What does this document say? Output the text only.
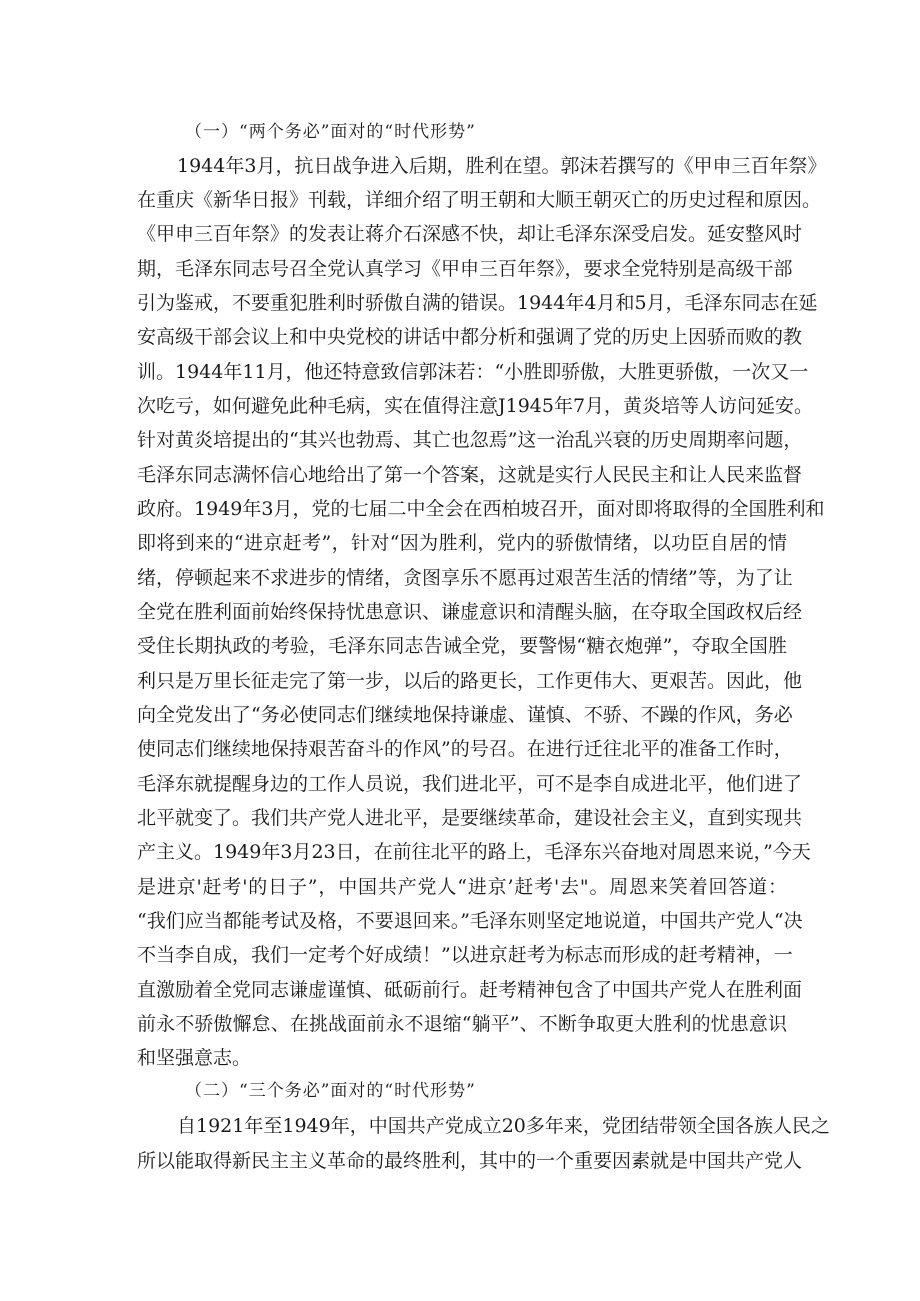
（一）“两个务必”面对的“时代形势”
1944年3月，抗日战争进入后期，胜利在望。郭沫若撰写的《甲申三百年祭》
在重庆《新华日报》刊载，详细介绍了明王朝和大顺王朝灭亡的历史过程和原因。
《甲申三百年祭》的发表让蒋介石深感不快，却让毛泽东深受启发。延安整风时
期，毛泽东同志号召全党认真学习《甲申三百年祭》，要求全党特别是高级干部
引为鉴戒，不要重犯胜利时骄傲自满的错误。1944年4月和5月，毛泽东同志在延
安高级干部会议上和中央党校的讲话中都分析和强调了党的历史上因骄而败的教
训。1944年11月，他还特意致信郭沫若：“小胜即骄傲，大胜更骄傲，一次又一
次吃亏，如何避免此种毛病，实在值得注意J1945年7月，黄炎培等人访问延安。
针对黄炎培提出的“其兴也勃焉、其亡也忽焉”这一治乱兴衰的历史周期率问题，
毛泽东同志满怀信心地给出了第一个答案，这就是实行人民民主和让人民来监督
政府。1949年3月，党的七届二中全会在西柏坡召开，面对即将取得的全国胜利和
即将到来的“进京赶考”，针对“因为胜利，党内的骄傲情绪，以功臣自居的情
绪，停顿起来不求进步的情绪，贪图享乐不愿再过艰苦生活的情绪”等，为了让
全党在胜利面前始终保持忧患意识、谦虚意识和清醒头脑，在夺取全国政权后经
受住长期执政的考验，毛泽东同志告诫全党，要警惕“糖衣炮弹”，夺取全国胜
利只是万里长征走完了第一步，以后的路更长，工作更伟大、更艰苦。因此，他
向全党发出了“务必使同志们继续地保持谦虚、谨慎、不骄、不躁的作风，务必
使同志们继续地保持艰苦奋斗的作风”的号召。在进行迁往北平的准备工作时，
毛泽东就提醒身边的工作人员说，我们进北平，可不是李自成进北平，他们进了
北平就变了。我们共产党人进北平，是要继续革命，建设社会主义，直到实现共
产主义。1949年3月23日，在前往北平的路上，毛泽东兴奋地对周恩来说，”今天
是进京'赶考'的日子”，中国共产党人“进京’赶考'去"。周恩来笑着回答道：
“我们应当都能考试及格，不要退回来。”毛泽东则坚定地说道，中国共产党人“决
不当李自成，我们一定考个好成绩！”以进京赶考为标志而形成的赶考精神，一
直激励着全党同志谦虚谨慎、砥砺前行。赶考精神包含了中国共产党人在胜利面
前永不骄傲懈怠、在挑战面前永不退缩“躺平”、不断争取更大胜利的忧患意识
和坚强意志。
（二）“三个务必”面对的“时代形势”
自1921年至1949年，中国共产党成立20多年来，党团结带领全国各族人民之
所以能取得新民主主义革命的最终胜利，其中的一个重要因素就是中国共产党人
